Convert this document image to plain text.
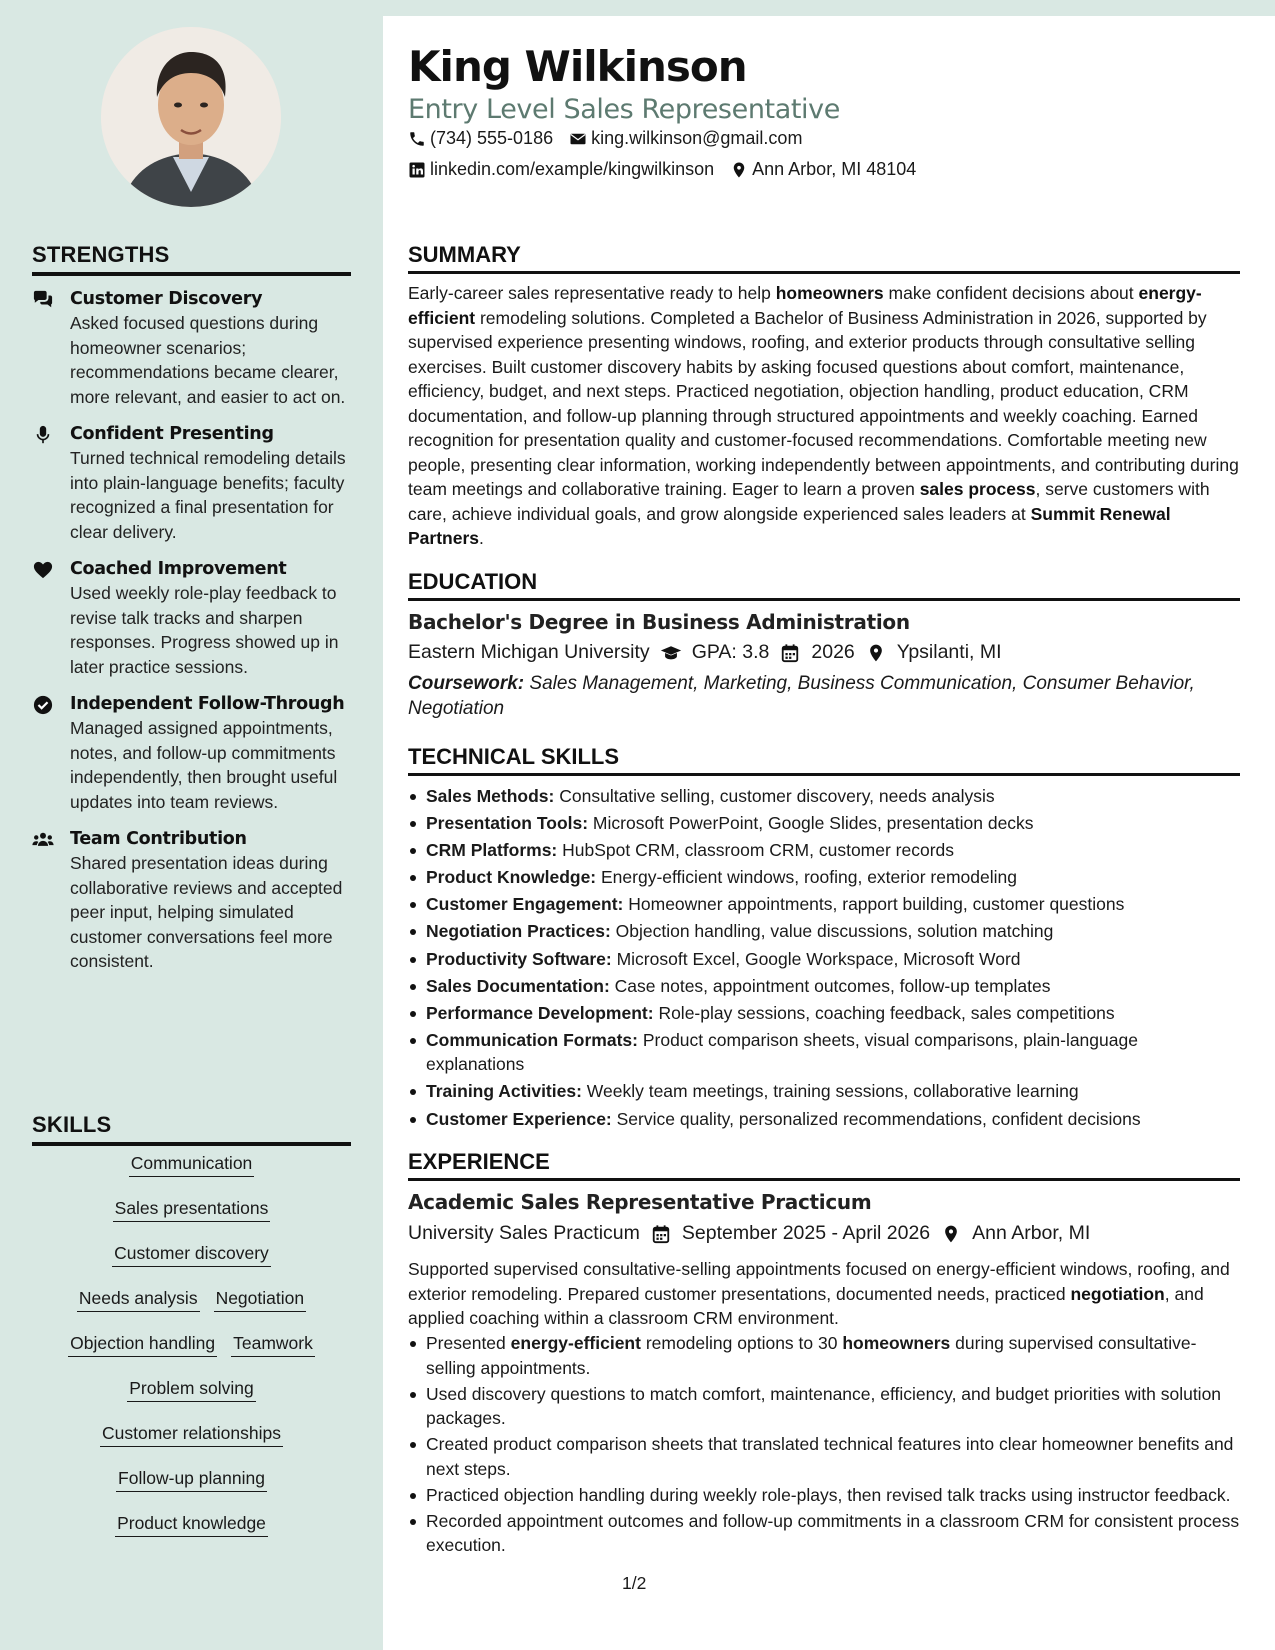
King Wilkinson
Entry Level Sales Representative
(734) 555-0186 king.wilkinson@gmail.com
linkedin.com/example/kingwilkinson Ann Arbor, MI 48104
STRENGTHS
Customer Discovery
Asked focused questions during homeowner scenarios; recommendations became clearer, more relevant, and easier to act on.
Confident Presenting
Turned technical remodeling details into plain-language benefits; faculty recognized a final presentation for clear delivery.
Coached Improvement
Used weekly role-play feedback to revise talk tracks and sharpen responses. Progress showed up in later practice sessions.
Independent Follow-Through
Managed assigned appointments, notes, and follow-up commitments independently, then brought useful updates into team reviews.
Team Contribution
Shared presentation ideas during collaborative reviews and accepted peer input, helping simulated customer conversations feel more consistent.
SKILLS
Communication
Sales presentations
Customer discovery
Needs analysis Negotiation
Objection handling Teamwork
Problem solving
Customer relationships
Follow-up planning
Product knowledge
SUMMARY
Early-career sales representative ready to help homeowners make confident decisions about energy-efficient remodeling solutions. Completed a Bachelor of Business Administration in 2026, supported by supervised experience presenting windows, roofing, and exterior products through consultative selling exercises. Built customer discovery habits by asking focused questions about comfort, maintenance, efficiency, budget, and next steps. Practiced negotiation, objection handling, product education, CRM documentation, and follow-up planning through structured appointments and weekly coaching. Earned recognition for presentation quality and customer-focused recommendations. Comfortable meeting new people, presenting clear information, working independently between appointments, and contributing during team meetings and collaborative training. Eager to learn a proven sales process, serve customers with care, achieve individual goals, and grow alongside experienced sales leaders at Summit Renewal Partners.
EDUCATION
Bachelor's Degree in Business Administration
Eastern Michigan University GPA: 3.8 2026 Ypsilanti, MI
Coursework: Sales Management, Marketing, Business Communication, Consumer Behavior, Negotiation
TECHNICAL SKILLS
Sales Methods: Consultative selling, customer discovery, needs analysis
Presentation Tools: Microsoft PowerPoint, Google Slides, presentation decks
CRM Platforms: HubSpot CRM, classroom CRM, customer records
Product Knowledge: Energy-efficient windows, roofing, exterior remodeling
Customer Engagement: Homeowner appointments, rapport building, customer questions
Negotiation Practices: Objection handling, value discussions, solution matching
Productivity Software: Microsoft Excel, Google Workspace, Microsoft Word
Sales Documentation: Case notes, appointment outcomes, follow-up templates
Performance Development: Role-play sessions, coaching feedback, sales competitions
Communication Formats: Product comparison sheets, visual comparisons, plain-language explanations
Training Activities: Weekly team meetings, training sessions, collaborative learning
Customer Experience: Service quality, personalized recommendations, confident decisions
EXPERIENCE
Academic Sales Representative Practicum
University Sales Practicum September 2025 - April 2026 Ann Arbor, MI
Supported supervised consultative-selling appointments focused on energy-efficient windows, roofing, and exterior remodeling. Prepared customer presentations, documented needs, practiced negotiation, and applied coaching within a classroom CRM environment.
Presented energy-efficient remodeling options to 30 homeowners during supervised consultative-selling appointments.
Used discovery questions to match comfort, maintenance, efficiency, and budget priorities with solution packages.
Created product comparison sheets that translated technical features into clear homeowner benefits and next steps.
Practiced objection handling during weekly role-plays, then revised talk tracks using instructor feedback.
Recorded appointment outcomes and follow-up commitments in a classroom CRM for consistent process execution.
1/2
